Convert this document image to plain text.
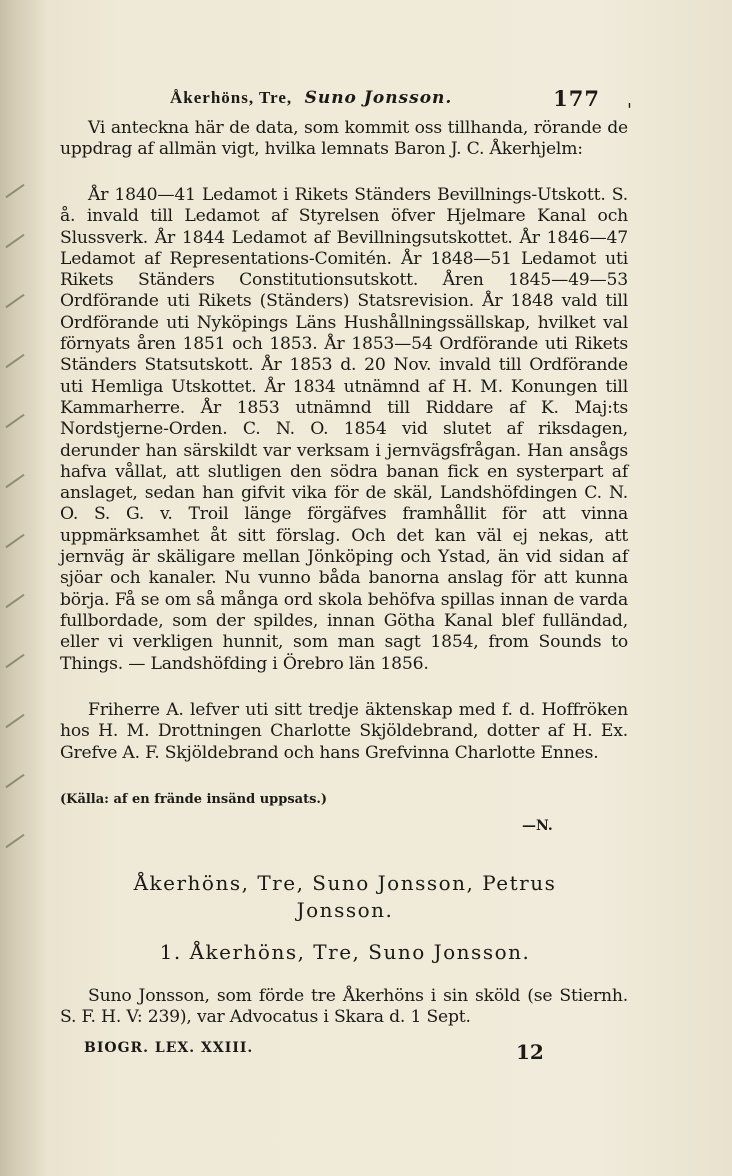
Åkerhöns, Tre, Suno Jonsson.	177 '
Vi anteckna här de data, som kommit oss tillhanda, rörande de uppdrag af allmän vigt, hvilka lemnats Baron J. C. Åkerhjelm:
År 1840—41 Ledamot i Rikets Ständers Bevillnings-Utskott. S. å. invald till Ledamot af Styrelsen öfver Hjelmare Kanal och Slussverk. År 1844 Ledamot af Bevillningsutskottet. År 1846—47 Ledamot af Representations-Comitén. År 1848—51 Ledamot uti Rikets Ständers Constitutionsutskott. Åren 1845—49—53 Ordförande uti Rikets (Ständers) Statsrevision. År 1848 vald till Ordförande uti Nyköpings Läns Hushållningssällskap, hvilket val förnyats åren 1851 och 1853. År 1853—54 Ordförande uti Rikets Ständers Statsutskott. År 1853 d. 20 Nov. invald till Ordförande uti Hemliga Utskottet. År 1834 utnämnd af H. M. Konungen till Kammarherre. År 1853 utnämnd till Riddare af K. Maj:ts Nordstjerne-Orden. C. N. O. 1854 vid slutet af riksdagen, derunder han särskildt var verksam i jernvägsfrågan. Han ansågs hafva vållat, att slutligen den södra banan fick en systerpart af anslaget, sedan han gifvit vika för de skäl, Landshöfdingen C. N. O. S. G. v. Troil länge förgäfves framhållit för att vinna uppmärksamhet åt sitt förslag. Och det kan väl ej nekas, att jernväg är skäligare mellan Jönköping och Ystad, än vid sidan af sjöar och kanaler. Nu vunno båda banorna anslag för att kunna börja. Få se om så många ord skola behöfva spillas innan de varda fullbordade, som der spildes, innan Götha Kanal blef fulländad, eller vi verkligen hunnit, som man sagt 1854, from Sounds to Things. — Landshöfding i Örebro län 1856.
Friherre A. lefver uti sitt tredje äktenskap med f. d. Hoffröken hos H. M. Drottningen Charlotte Skjöldebrand, dotter af H. Ex. Grefve A. F. Skjöldebrand och hans Grefvinna Charlotte Ennes.
(Källa: af en frände insänd uppsats.)
—N.
Åkerhöns, Tre, Suno Jonsson, Petrus
Jonsson.
1. Åkerhöns, Tre, Suno Jonsson.
Suno Jonsson, som förde tre Åkerhöns i sin sköld (se Stiernh. S. F. H. V: 239), var Advocatus i Skara d. 1 Sept.
BIOGR. LEX. XXIII.	12
